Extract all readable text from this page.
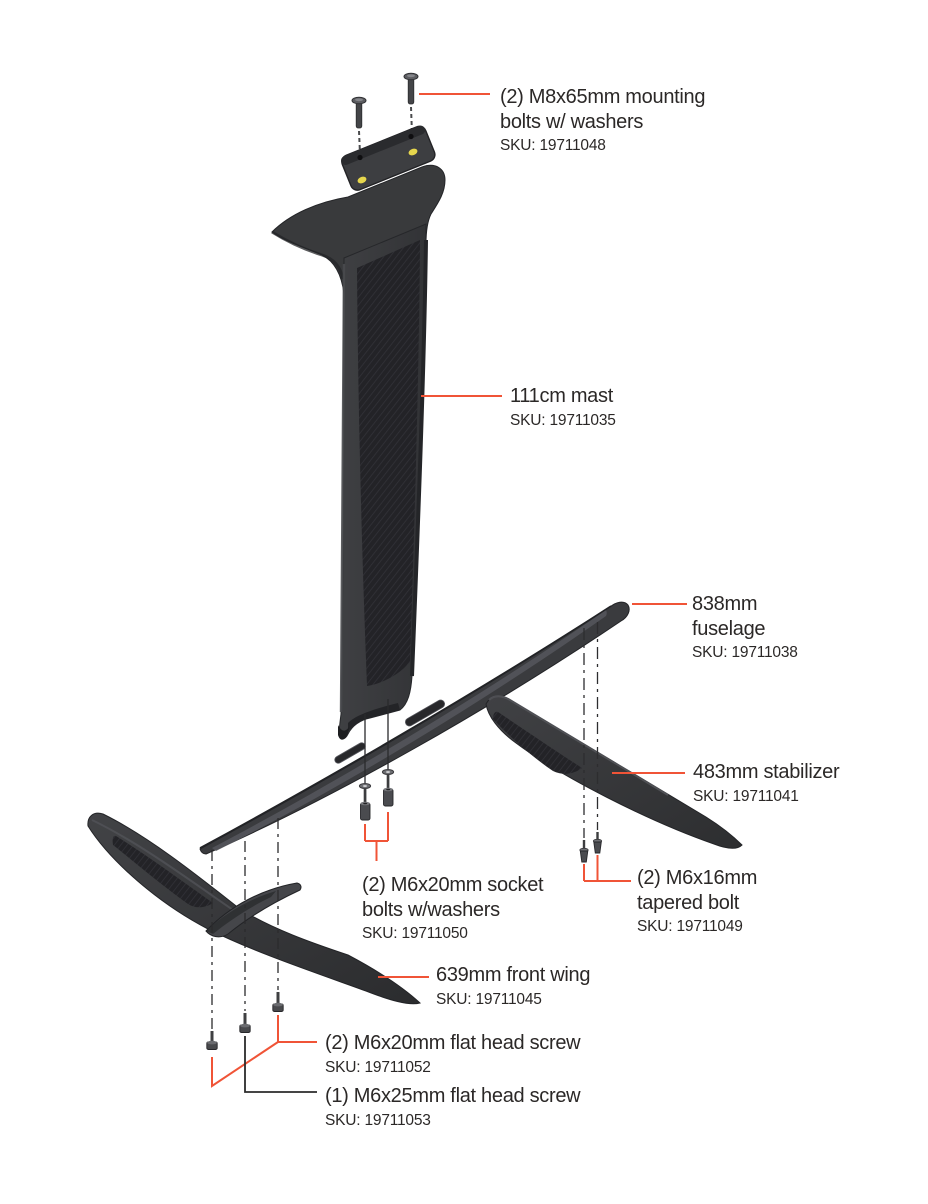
(2) M8x65mm mounting
bolts w/ washers
SKU: 19711048
111cm mast
SKU: 19711035
838mm
fuselage
SKU: 19711038
483mm stabilizer
SKU: 19711041
(2) M6x20mm socket
bolts w/washers
SKU: 19711050
(2) M6x16mm
tapered bolt
SKU: 19711049
639mm front wing
SKU: 19711045
(2) M6x20mm flat head screw
SKU: 19711052
(1) M6x25mm flat head screw
SKU: 19711053
